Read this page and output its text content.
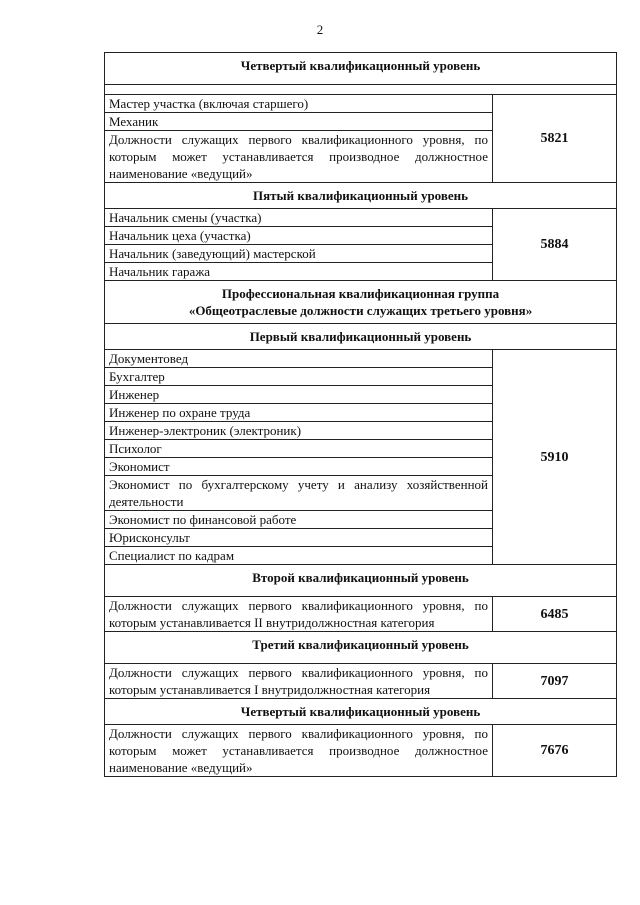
2
Четвертый квалификационный уровень	

Мастер участка (включая старшего)	5821
Механик	
Должности служащих первого квалификационного уровня, по которым может устанавливается производное должностное наименование «ведущий»	
Пятый квалификационный уровень	
Начальник смены (участка)	5884
Начальник цеха (участка)	
Начальник (заведующий) мастерской	
Начальник гаража	

Профессиональная квалификационная группа
«Общеотраслевые должности служащих третьего уровня»	

Первый квалификационный уровень	
Документовед	5910
Бухгалтер	
Инженер	
Инженер по охране труда	
Инженер-электроник (электроник)	
Психолог	
Экономист	
Экономист по бухгалтерскому учету и анализу хозяйственной деятельности	
Экономист по финансовой работе	
Юрисконсульт	
Специалист по кадрам	
Второй квалификационный уровень	
Должности служащих первого квалификационного уровня, по которым устанавливается II внутридолжностная категория	6485
Третий квалификационный уровень	
Должности служащих первого квалификационного уровня, по которым устанавливается I внутридолжностная категория	7097
Четвертый квалификационный уровень	
Должности служащих первого квалификационного уровня, по которым может устанавливается производное должностное наименование «ведущий»	7676
